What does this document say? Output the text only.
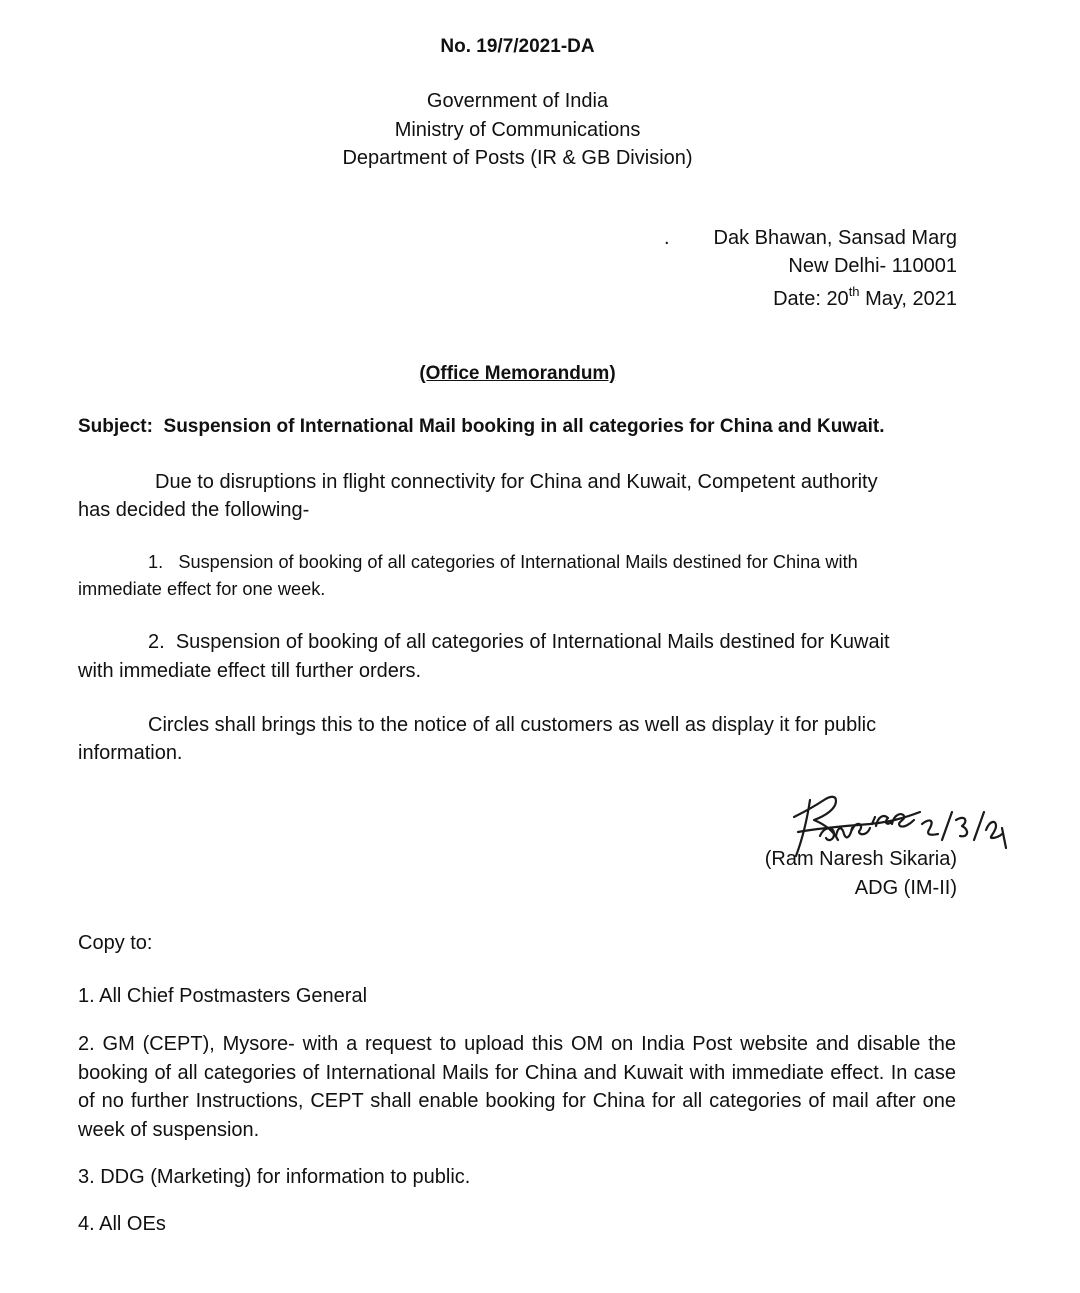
No. 19/7/2021-DA

Government of India

Ministry of Communications

Department of Posts (IR & GB Division)

. Dak Bhawan, Sansad Marg

New Delhi- 110001

Date: 20th May, 2021

(Office Memorandum)

Subject: Suspension of International Mail booking in all categories for China and Kuwait.

Due to disruptions in flight connectivity for China and Kuwait, Competent authority

has decided the following-

1. Suspension of booking of all categories of International Mails destined for China with

immediate effect for one week.

2. Suspension of booking of all categories of International Mails destined for Kuwait

with immediate effect till further orders.

Circles shall brings this to the notice of all customers as well as display it for public

information.

(Ram Naresh Sikaria)

ADG (IM-II)

Copy to:

1. All Chief Postmasters General

2. GM (CEPT), Mysore- with a request to upload this OM on India Post website and disable the booking of all categories of International Mails for China and Kuwait with immediate effect. In case of no further Instructions, CEPT shall enable booking for China for all categories of mail after one week of suspension.

3. DDG (Marketing) for information to public.

4. All OEs
